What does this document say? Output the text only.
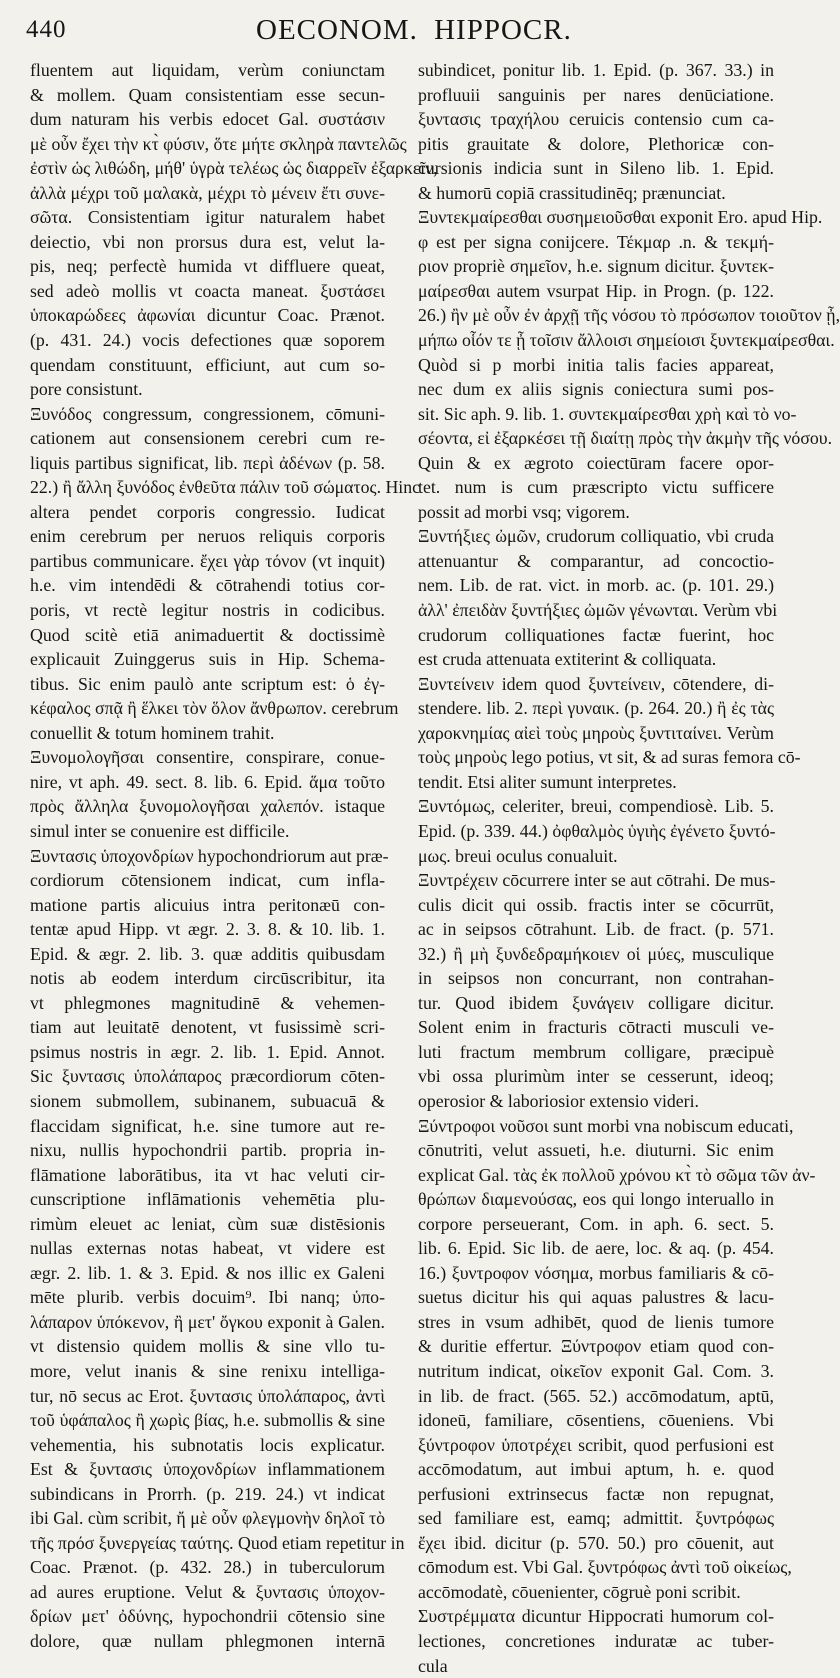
440	OECONOM. HIPPOCR.
fluentem aut liquidam, verùm coniunctam
& mollem. Quam consistentiam esse secun-
dum naturam his verbis edocet Gal. συστάσιν
μὲ οὖν ἔχει τὴν κτ̀ φύσιν, ὅτε μήτε σκληρὰ παντελῶς
ἐστὶν ὡς λιθώδη, μήθ' ὑγρὰ τελέως ὡς διαρρεῖν ἐξαρκεῖν,
ἀλλὰ μέχρι τοῦ μαλακὰ, μέχρι τὸ μένειν ἔτι συνε-
σῶτα. Consistentiam igitur naturalem habet
deiectio, vbi non prorsus dura est, velut la-
pis, neq; perfectè humida vt diffluere queat,
sed adeò mollis vt coacta maneat. ξυστάσει
ὑποκαρώδεες ἀφωνίαι dicuntur Coac. Prænot.
(p. 431. 24.) vocis defectiones quæ soporem
quendam constituunt, efficiunt, aut cum so-
pore consistunt.
Ξυνόδος congressum, congressionem, cōmuni-
cationem aut consensionem cerebri cum re-
liquis partibus significat, lib. περὶ ἀδένων (p. 58.
22.) ἢ ἄλλη ξυνόδος ἐνθεῦτα πάλιν τοῦ σώματος. Hinc
altera pendet corporis congressio. Iudicat
enim cerebrum per neruos reliquis corporis
partibus communicare. ἔχει γὰρ τόνον (vt inquit)
h.e. vim intendēdi & cōtrahendi totius cor-
poris, vt rectè legitur nostris in codicibus.
Quod scitè etiā animaduertit & doctissimè
explicauit Zuinggerus suis in Hip. Schema-
tibus. Sic enim paulò ante scriptum est: ὁ ἐγ-
κέφαλος σπᾷ ἢ ἕλκει τὸν ὅλον ἄνθρωπον. cerebrum
conuellit & totum hominem trahit.
Ξυνομολογῆσαι consentire, conspirare, conue-
nire, vt aph. 49. sect. 8. lib. 6. Epid. ἅμα τοῦτο
πρὸς ἄλληλα ξυνομολογῆσαι χαλεπόν. istaque
simul inter se conuenire est difficile.
Ξυντασις ὑποχονδρίων hypochondriorum aut præ-
cordiorum cōtensionem indicat, cum infla-
matione partis alicuius intra peritonæū con-
tentæ apud Hipp. vt ægr. 2. 3. 8. & 10. lib. 1.
Epid. & ægr. 2. lib. 3. quæ additis quibusdam
notis ab eodem interdum circūscribitur, ita
vt phlegmones magnitudinē & vehemen-
tiam aut leuitatē denotent, vt fusissimè scri-
psimus nostris in ægr. 2. lib. 1. Epid. Annot.
Sic ξυντασις ὑπολάπαρος præcordiorum cōten-
sionem submollem, subinanem, subuacuā &
flaccidam significat, h.e. sine tumore aut re-
nixu, nullis hypochondrii partib. propria in-
flāmatione laborātibus, ita vt hac veluti cir-
cunscriptione inflāmationis vehemētia plu-
rimùm eleuet ac leniat, cùm suæ distēsionis
nullas externas notas habeat, vt videre est
ægr. 2. lib. 1. & 3. Epid. & nos illic ex Galeni
mēte plurib. verbis docuim⁹. Ibi nanq; ὑπο-
λάπαρον ὑπόκενον, ἢ μετ' ὄγκου exponit à Galen.
vt distensio quidem mollis & sine vllo tu-
more, velut inanis & sine renixu intelliga-
tur, nō secus ac Erot. ξυντασις ὑπολάπαρος, ἀντὶ
τοῦ ὑφάπαλος ἢ χωρὶς βίας, h.e. submollis & sine
vehementia, his subnotatis locis explicatur.
Est & ξυντασις ὑποχονδρίων inflammationem
subindicans in Prorrh. (p. 219. 24.) vt indicat
ibi Gal. cùm scribit, ἤ μὲ οὖν φλεγμονὴν δηλοῖ τὸ
τῆς πρόσ ξυνεργείας ταύτης. Quod etiam repetitur in
Coac. Prænot. (p. 432. 28.) in tuberculorum
ad aures eruptione. Velut & ξυντασις ὑποχον-
δρίων μετ' ὀδύνης, hypochondrii cōtensio sine
dolore, quæ nullam phlegmonen internā
subindicet, ponitur lib. 1. Epid. (p. 367. 33.) in
profluuii sanguinis per nares denūciatione.
ξυντασις τραχήλου ceruicis contensio cum ca-
pitis grauitate & dolore, Plethoricæ con-
cursionis indicia sunt in Sileno lib. 1. Epid.
& humorū copiā crassitudinēq; prænunciat.
Ξυντεκμαίρεσθαι συσημειοῦσθαι exponit Ero. apud Hip.
φ est per signa conijcere. Τέκμαρ .n. & τεκμή-
ριον propriè σημεῖον, h.e. signum dicitur. ξυντεκ-
μαίρεσθαι autem vsurpat Hip. in Progn. (p. 122.
26.) ἢν μὲ οὖν ἐν ἀρχῇ τῆς νόσου τὸ πρόσωπον τοιοῦτον ᾖ,
μήπω οἷόν τε ᾖ τοῖσιν ἄλλοισι σημείοισι ξυντεκμαίρεσθαι.
Quòd si p morbi initia talis facies appareat,
nec dum ex aliis signis coniectura sumi pos-
sit. Sic aph. 9. lib. 1. συντεκμαίρεσθαι χρὴ καὶ τὸ νο-
σέοντα, εἰ ἐξαρκέσει τῇ διαίτῃ πρὸς τὴν ἀκμὴν τῆς νόσου.
Quin & ex ægroto coiectūram facere opor-
tet. num is cum præscripto victu sufficere
possit ad morbi vsq; vigorem.
Ξυντήξιες ὠμῶν, crudorum colliquatio, vbi cruda
attenuantur & comparantur, ad concoctio-
nem. Lib. de rat. vict. in morb. ac. (p. 101. 29.)
ἀλλ' ἐπειδὰν ξυντήξιες ὠμῶν γένωνται. Verùm vbi
crudorum colliquationes factæ fuerint, hoc
est cruda attenuata extiterint & colliquata.
Ξυντείνειν idem quod ξυντείνειν, cōtendere, di-
stendere. lib. 2. περὶ γυναικ. (p. 264. 20.) ἢ ἐς τὰς
χαροκνημίας αἰεὶ τοὺς μηροὺς ξυντιταίνει. Verùm
τοὺς μηροὺς lego potius, vt sit, & ad suras femora cō-
tendit. Etsi aliter sumunt interpretes.
Ξυντόμως, celeriter, breui, compendiosè. Lib. 5.
Epid. (p. 339. 44.) ὀφθαλμὸς ὑγιὴς ἐγένετο ξυντό-
μως. breui oculus conualuit.
Ξυντρέχειν cōcurrere inter se aut cōtrahi. De mus-
culis dicit qui ossib. fractis inter se cōcurrūt,
ac in seipsos cōtrahunt. Lib. de fract. (p. 571.
32.) ἢ μὴ ξυνδεδραμήκοιεν οἱ μύες, musculique
in seipsos non concurrant, non contrahan-
tur. Quod ibidem ξυνάγειν colligare dicitur.
Solent enim in fracturis cōtracti musculi ve-
luti fractum membrum colligare, præcipuè
vbi ossa plurimùm inter se cesserunt, ideoq;
operosior & laboriosior extensio videri.
Ξύντροφοι νοῦσοι sunt morbi vna nobiscum educati,
cōnutriti, velut assueti, h.e. diuturni. Sic enim
explicat Gal. τὰς ἐκ πολλοῦ χρόνου κτ̀ τὸ σῶμα τῶν ἀν-
θρώπων διαμενούσας, eos qui longo interuallo in
corpore perseuerant, Com. in aph. 6. sect. 5.
lib. 6. Epid. Sic lib. de aere, loc. & aq. (p. 454.
16.) ξυντροφον νόσημα, morbus familiaris & cō-
suetus dicitur his qui aquas palustres & lacu-
stres in vsum adhibēt, quod de lienis tumore
& duritie effertur. Ξύντροφον etiam quod con-
nutritum indicat, οἰκεῖον exponit Gal. Com. 3.
in lib. de fract. (565. 52.) accōmodatum, aptū,
idoneū, familiare, cōsentiens, cōueniens. Vbi
ξύντροφον ὑποτρέχει scribit, quod perfusioni est
accōmodatum, aut imbui aptum, h. e. quod
perfusioni extrinsecus factæ non repugnat,
sed familiare est, eamq; admittit. ξυντρόφως
ἔχει ibid. dicitur (p. 570. 50.) pro cōuenit, aut
cōmodum est. Vbi Gal. ξυντρόφως ἀντὶ τοῦ οἰκείως,
accōmodatè, cōuenienter, cōgruè poni scribit.
Συστρέμματα dicuntur Hippocrati humorum col-
lectiones, concretiones induratæ ac tuber-
cula
